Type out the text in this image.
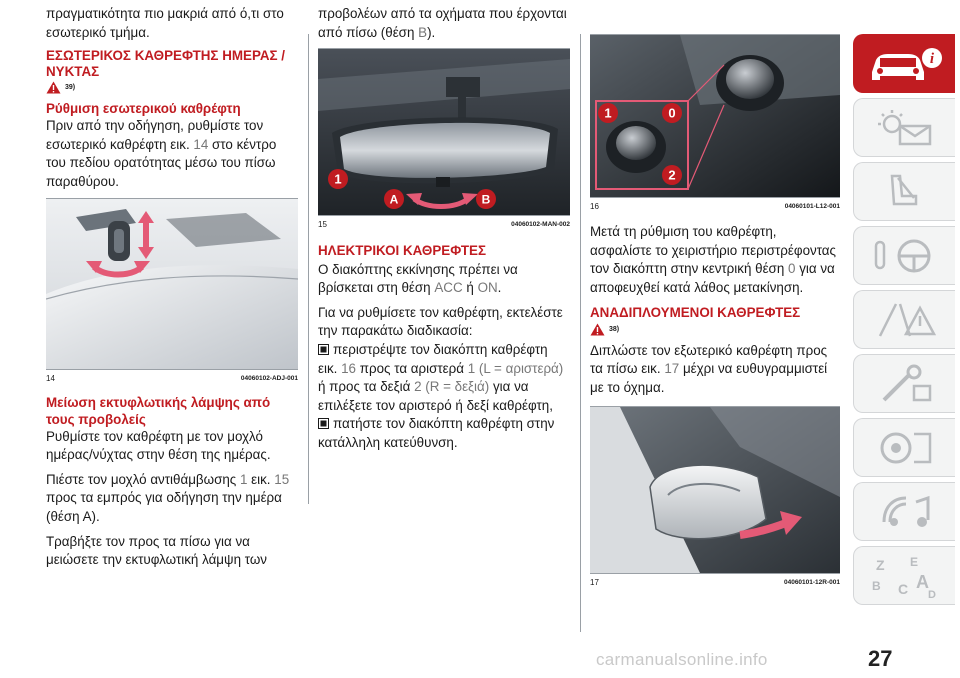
πραγματικότητα πιο μακριά από ό,τι στο εσωτερικό τμήμα.

ΕΣΩΤΕΡΙΚΟΣ ΚΑΘΡΕΦΤΗΣ ΗΜΕΡΑΣ / ΝΥΚΤΑΣ
39)
Ρύθμιση εσωτερικού καθρέφτη

Πριν από την οδήγηση, ρυθμίστε τον εσωτερικό καθρέφτη εικ. 14 στο κέντρο του πεδίου ορατότητας μέσω του πίσω παραθύρου.

14	04060102-ADJ-001
Μείωση εκτυφλωτικής λάμψης από τους προβολείς

Ρυθμίστε τον καθρέφτη με τον μοχλό ημέρας/νύχτας στην θέση της ημέρας.

Πιέστε τον μοχλό αντιθάμβωσης 1 εικ. 15 προς τα εμπρός για οδήγηση την ημέρα (θέση Α).

Τραβήξτε τον προς τα πίσω για να μειώσετε την εκτυφλωτική λάμψη των

προβολέων από τα οχήματα που έρχονται από πίσω (θέση B).

1
A	B
15	04060102-MAN-002
ΗΛΕΚΤΡΙΚΟΙ ΚΑΘΡΕΦΤΕΣ

Ο διακόπτης εκκίνησης πρέπει να βρίσκεται στη θέση ACC ή ON.

Για να ρυθμίσετε τον καθρέφτη, εκτελέστε την παρακάτω διαδικασία:

περιστρέψτε τον διακόπτη καθρέφτη εικ. 16 προς τα αριστερά 1 (L = αριστερά) ή προς τα δεξιά 2 (R = δεξιά) για να επιλέξετε τον αριστερό ή δεξί καθρέφτη,

πατήστε τον διακόπτη καθρέφτη στην κατάλληλη κατεύθυνση.

1	0
2
16	04060101-L12-001

Μετά τη ρύθμιση του καθρέφτη, ασφαλίστε το χειριστήριο περιστρέφοντας τον διακόπτη στην κεντρική θέση 0 για να αποφευχθεί κατά λάθος μετακίνηση.

ΑΝΑΔΙΠΛΟΥΜΕΝΟΙ ΚΑΘΡΕΦΤΕΣ
38)

Διπλώστε τον εξωτερικό καθρέφτη προς τα πίσω εικ. 17 μέχρι να ευθυγραμμιστεί με το όχημα.

17	04060101-12R-001
i
Z E
B C A
D
27
carmanualsonline.info
